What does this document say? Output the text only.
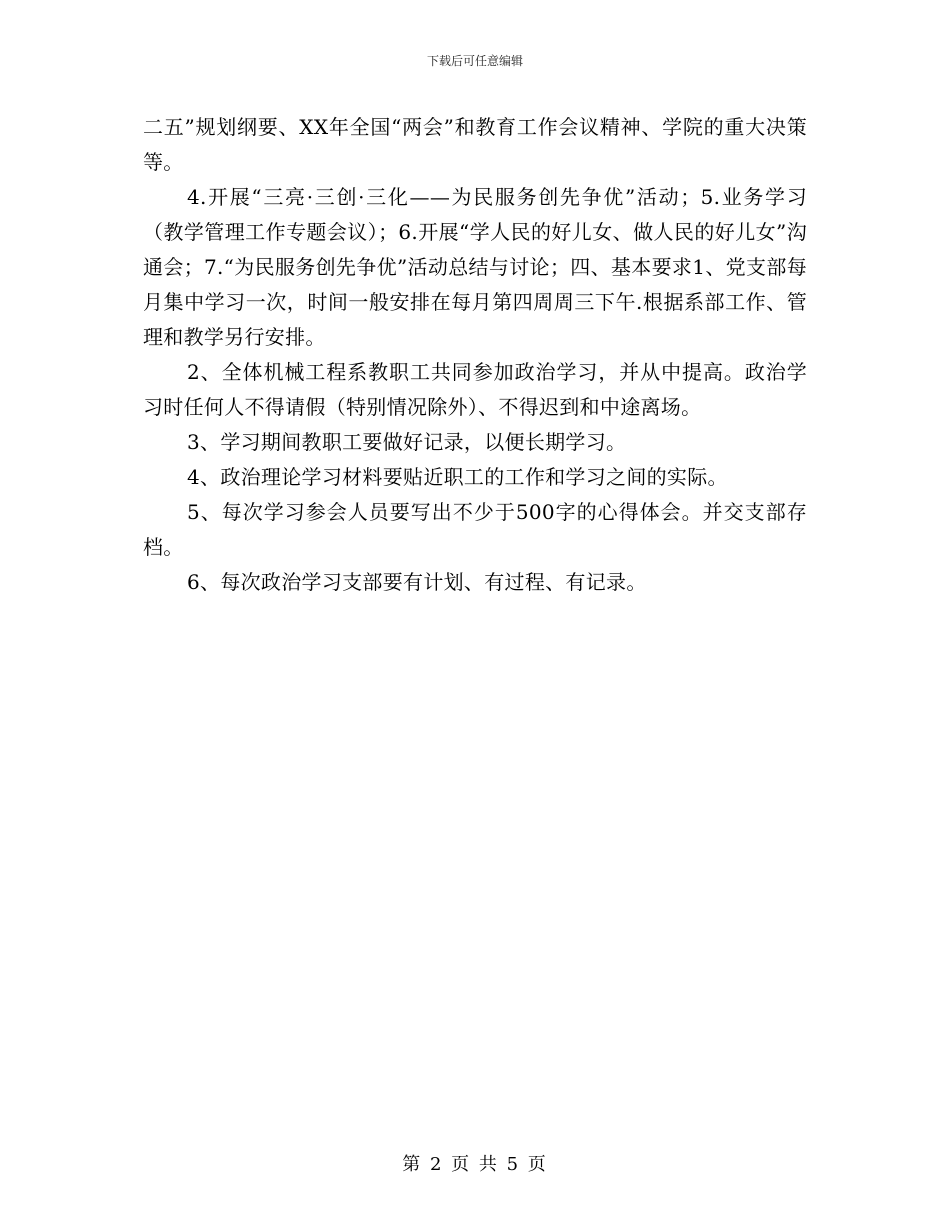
下载后可任意编辑

二五”规划纲要、XX年全国“两会”和教育工作会议精神、学院的重大决策等。

4.开展“三亮·三创·三化——为民服务创先争优”活动；5.业务学习（教学管理工作专题会议）；6.开展“学人民的好儿女、做人民的好儿女”沟通会；7.“为民服务创先争优”活动总结与讨论；四、基本要求1、党支部每月集中学习一次，时间一般安排在每月第四周周三下午.根据系部工作、管理和教学另行安排。

2、全体机械工程系教职工共同参加政治学习，并从中提高。政治学习时任何人不得请假（特别情况除外）、不得迟到和中途离场。

3、学习期间教职工要做好记录，以便长期学习。

4、政治理论学习材料要贴近职工的工作和学习之间的实际。

5、每次学习参会人员要写出不少于500字的心得体会。并交支部存档。

6、每次政治学习支部要有计划、有过程、有记录。

第 2 页 共 5 页
